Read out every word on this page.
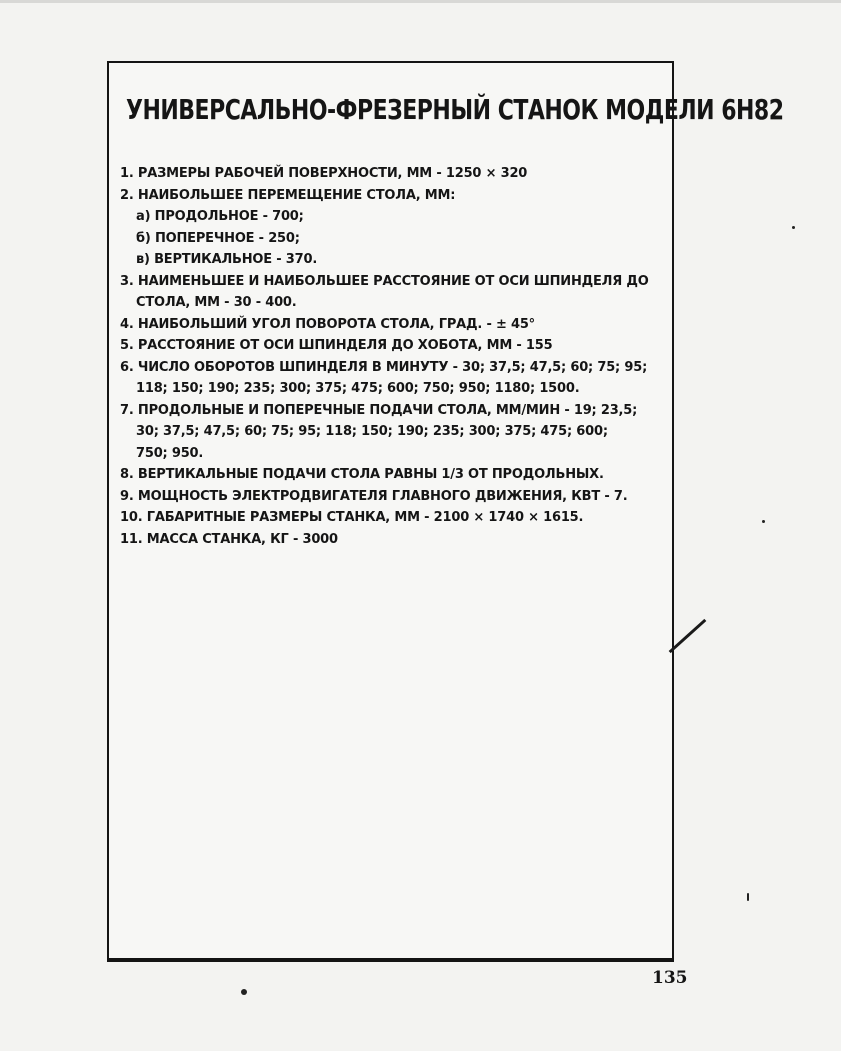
УНИВЕРСАЛЬНО-ФРЕЗЕРНЫЙ СТАНОК МОДЕЛИ 6Н82
1. РАЗМЕРЫ РАБОЧЕЙ ПОВЕРХНОСТИ, ММ - 1250 × 320
2. НАИБОЛЬШЕЕ ПЕРЕМЕЩЕНИЕ СТОЛА, ММ:
а) ПРОДОЛЬНОЕ - 700;
б) ПОПЕРЕЧНОЕ - 250;
в) ВЕРТИКАЛЬНОЕ - 370.
3. НАИМЕНЬШЕЕ И НАИБОЛЬШЕЕ РАССТОЯНИЕ ОТ ОСИ ШПИНДЕЛЯ ДО
СТОЛА, ММ - 30 - 400.
4. НАИБОЛЬШИЙ УГОЛ ПОВОРОТА СТОЛА, ГРАД. - ± 45°
5. РАССТОЯНИЕ ОТ ОСИ ШПИНДЕЛЯ ДО ХОБОТА, ММ - 155
6. ЧИСЛО ОБОРОТОВ ШПИНДЕЛЯ В МИНУТУ - 30; 37,5; 47,5; 60; 75; 95;
118; 150; 190; 235; 300; 375; 475; 600; 750; 950; 1180; 1500.
7. ПРОДОЛЬНЫЕ И ПОПЕРЕЧНЫЕ ПОДАЧИ СТОЛА, ММ/МИН - 19; 23,5;
30; 37,5; 47,5; 60; 75; 95; 118; 150; 190; 235; 300; 375; 475; 600;
750; 950.
8. ВЕРТИКАЛЬНЫЕ ПОДАЧИ СТОЛА РАВНЫ 1/3 ОТ ПРОДОЛЬНЫХ.
9. МОЩНОСТЬ ЭЛЕКТРОДВИГАТЕЛЯ ГЛАВНОГО ДВИЖЕНИЯ, КВТ - 7.
10. ГАБАРИТНЫЕ РАЗМЕРЫ СТАНКА, ММ - 2100 × 1740 × 1615.
11. МАССА СТАНКА, КГ - 3000
135
